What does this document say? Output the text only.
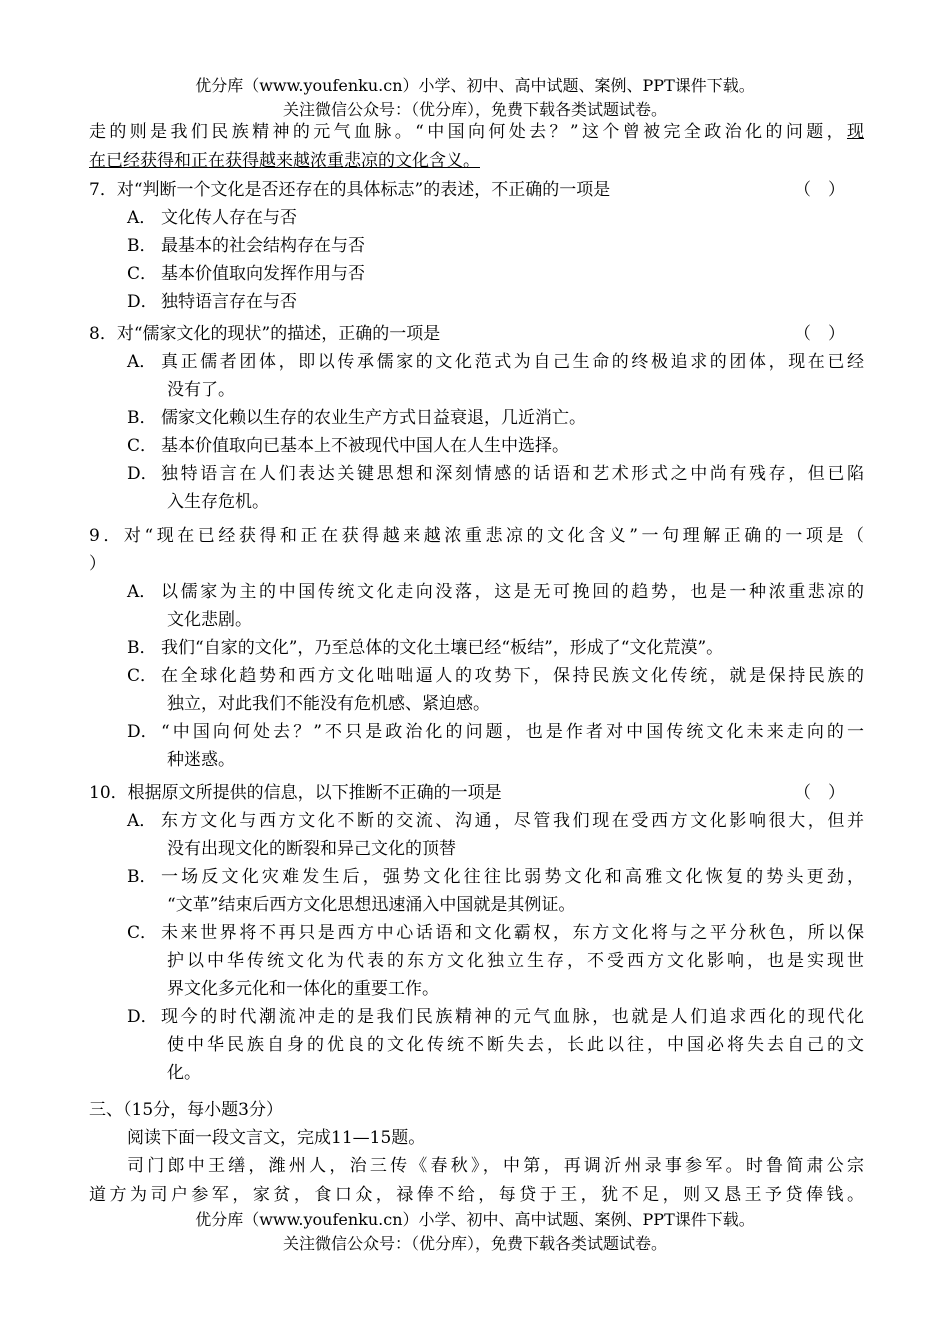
优分库（www.youfenku.cn）小学、初中、高中试题、案例、PPT课件下载。
关注微信公众号：（优分库），免费下载各类试题试卷。
走的则是我们民族精神的元气血脉。“中国向何处去？”这个曾被完全政治化的问题，现
在已经获得和正在获得越来越浓重悲凉的文化含义。
7．对“判断一个文化是否还存在的具体标志”的表述，不正确的一项是	（　）
A． 文化传人存在与否
B． 最基本的社会结构存在与否
C． 基本价值取向发挥作用与否
D． 独特语言存在与否
8．对“儒家文化的现状”的描述，正确的一项是	（　）
A． 真正儒者团体，即以传承儒家的文化范式为自己生命的终极追求的团体，现在已经
没有了。
B． 儒家文化赖以生存的农业生产方式日益衰退，几近消亡。
C． 基本价值取向已基本上不被现代中国人在人生中选择。
D． 独特语言在人们表达关键思想和深刻情感的话语和艺术形式之中尚有残存，但已陷
入生存危机。
9．对“现在已经获得和正在获得越来越浓重悲凉的文化含义”一句理解正确的一项是（
）
A． 以儒家为主的中国传统文化走向没落，这是无可挽回的趋势，也是一种浓重悲凉的
文化悲剧。
B． 我们“自家的文化”，乃至总体的文化土壤已经“板结”，形成了“文化荒漠”。
C． 在全球化趋势和西方文化咄咄逼人的攻势下，保持民族文化传统，就是保持民族的
独立，对此我们不能没有危机感、紧迫感。
D． “中国向何处去？”不只是政治化的问题，也是作者对中国传统文化未来走向的一
种迷惑。
10．根据原文所提供的信息，以下推断不正确的一项是	（　）
A． 东方文化与西方文化不断的交流、沟通，尽管我们现在受西方文化影响很大，但并
没有出现文化的断裂和异己文化的顶替
B． 一场反文化灾难发生后，强势文化往往比弱势文化和高雅文化恢复的势头更劲，
“文革”结束后西方文化思想迅速涌入中国就是其例证。
C． 未来世界将不再只是西方中心话语和文化霸权，东方文化将与之平分秋色，所以保
护以中华传统文化为代表的东方文化独立生存，不受西方文化影响，也是实现世
界文化多元化和一体化的重要工作。
D． 现今的时代潮流冲走的是我们民族精神的元气血脉，也就是人们追求西化的现代化
使中华民族自身的优良的文化传统不断失去，长此以往，中国必将失去自己的文
化。
三、（15分，每小题3分）
阅读下面一段文言文，完成11—15题。
司门郎中王缮，潍州人，治三传《春秋》，中第，再调沂州录事参军。时鲁简肃公宗
道方为司户参军，家贫，食口众，禄俸不给，每贷于王，犹不足，则又恳王予贷俸钱。
优分库（www.youfenku.cn）小学、初中、高中试题、案例、PPT课件下载。
关注微信公众号：（优分库），免费下载各类试题试卷。
